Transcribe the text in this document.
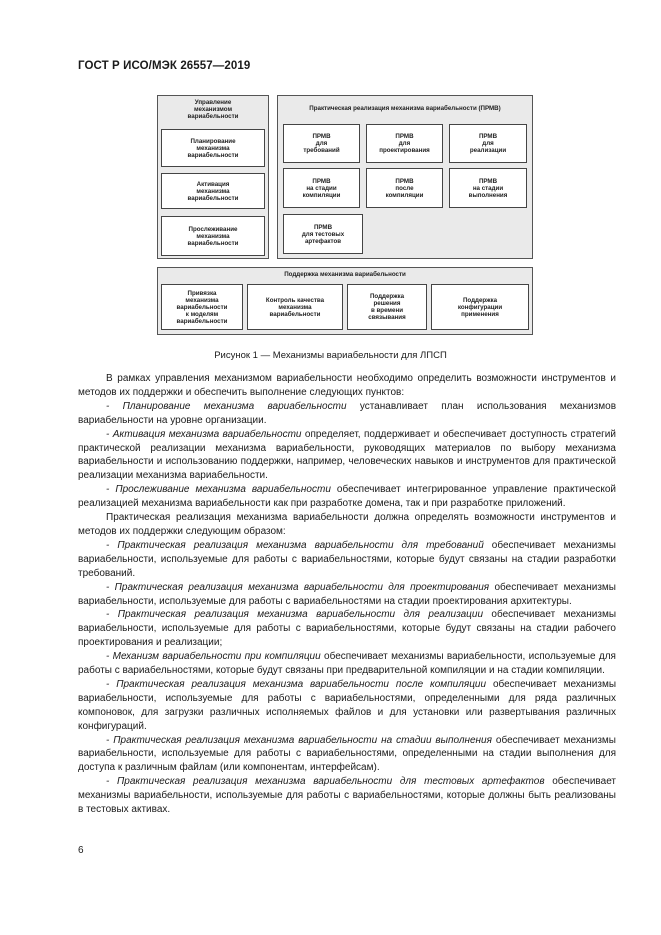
ГОСТ Р ИСО/МЭК 26557—2019
Управление
механизмом
вариабельности
Планирование
механизма
вариабельности
Активация
механизма
вариабельности
Прослеживание
механизма
вариабельности
Практическая реализация механизма вариабельности (ПРМВ)
ПРМВ
для
требований
ПРМВ
для
проектирования
ПРМВ
для
реализации
ПРМВ
на стадии
компиляции
ПРМВ
после
компиляции
ПРМВ
на стадии
выполнения
ПРМВ
для тестовых
артефактов
Поддержка механизма вариабельности
Привязка
механизма
вариабельности
к моделям
вариабельности
Контроль качества
механизма
вариабельности
Поддержка
решения
в времени
связывания
Поддержка
конфигурации
применения
Рисунок 1 — Механизмы вариабельности для ЛПСП

В рамках управления механизмом вариабельности необходимо определить возможности инструментов и методов их поддержки и обеспечить выполнение следующих пунктов:

- Планирование механизма вариабельности устанавливает план использования механизмов вариабельности на уровне организации.

- Активация механизма вариабельности определяет, поддерживает и обеспечивает доступность стратегий практической реализации механизма вариабельности, руководящих материалов по выбору механизма вариабельности и использованию поддержки, например, человеческих навыков и инструментов для практической реализации механизма вариабельности.

- Прослеживание механизма вариабельности обеспечивает интегрированное управление практической реализацией механизма вариабельности как при разработке домена, так и при разработке приложений.

Практическая реализация механизма вариабельности должна определять возможности инструментов и методов их поддержки следующим образом:

- Практическая реализация механизма вариабельности для требований обеспечивает механизмы вариабельности, используемые для работы с вариабельностями, которые будут связаны на стадии разработки требований.

- Практическая реализация механизма вариабельности для проектирования обеспечивает механизмы вариабельности, используемые для работы с вариабельностями на стадии проектирования архитектуры.

- Практическая реализация механизма вариабельности для реализации обеспечивает механизмы вариабельности, используемые для работы с вариабельностями, которые будут связаны на стадии рабочего проектирования и реализации;

- Механизм вариабельности при компиляции обеспечивает механизмы вариабельности, используемые для работы с вариабельностями, которые будут связаны при предварительной компиляции и на стадии компиляции.

- Практическая реализация механизма вариабельности после компиляции обеспечивает механизмы вариабельности, используемые для работы с вариабельностями, определенными для ряда различных компоновок, для загрузки различных исполняемых файлов и для установки или развертывания различных конфигураций.

- Практическая реализация механизма вариабельности на стадии выполнения обеспечивает механизмы вариабельности, используемые для работы с вариабельностями, определенными на стадии выполнения для доступа к различным файлам (или компонентам, интерфейсам).

- Практическая реализация механизма вариабельности для тестовых артефактов обеспечивает механизмы вариабельности, используемые для работы с вариабельностями, которые должны быть реализованы в тестовых активах.

6
